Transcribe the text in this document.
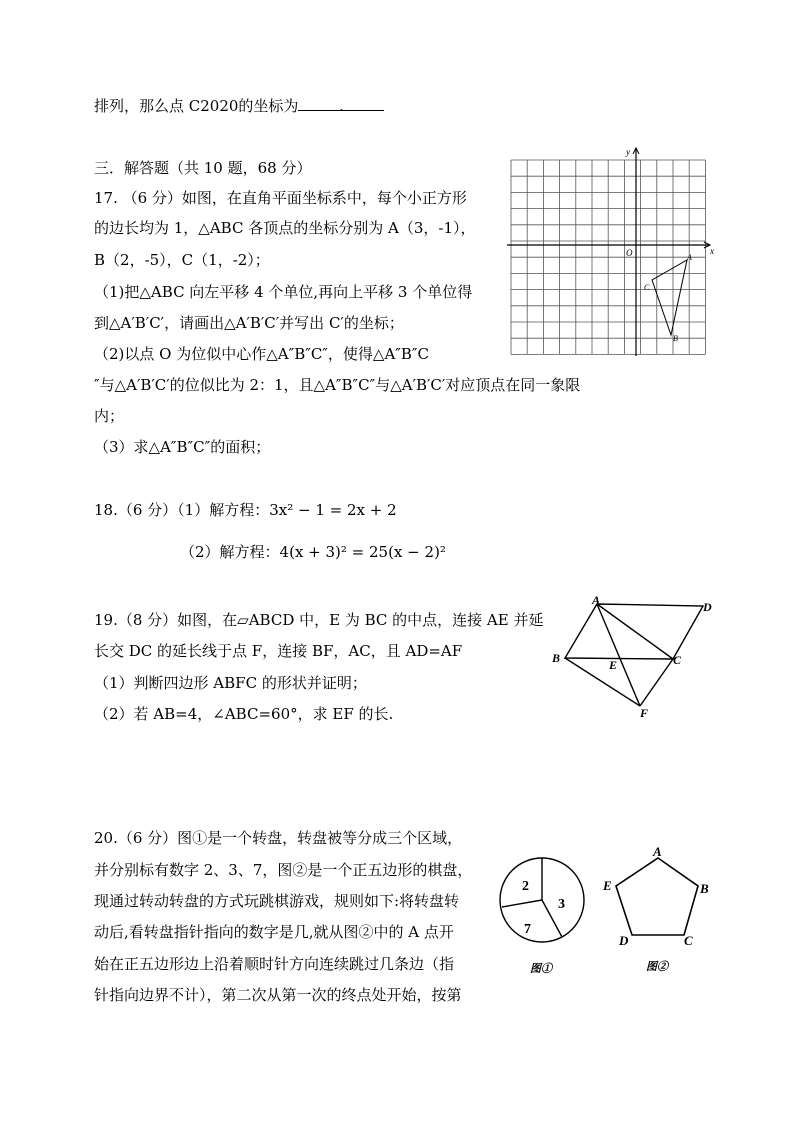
排列，那么点 C2020的坐标为	.
三．解答题（共 10 题，68 分）
17. （6 分）如图，在直角平面坐标系中，每个小正方形
的边长均为 1，△ABC 各顶点的坐标分别为 A（3，-1），
B（2，-5），C（1，-2）；
（1)把△ABC 向左平移 4 个单位,再向上平移 3 个单位得
到△A′B′C′，请画出△A′B′C′并写出 C′的坐标；
（2)以点 O 为位似中心作△A″B″C″，使得△A″B″C
″与△A′B′C′的位似比为 2：1，且△A″B″C″与△A′B′C′对应顶点在同一象限
内；
（3）求△A″B″C″的面积；
y
x
O	A
B
C
18.（6 分）（1）解方程：3x² − 1 = 2x + 2
（2）解方程：4(x + 3)² = 25(x − 2)²
19.（8 分）如图，在▱ABCD 中，E 为 BC 的中点，连接 AE 并延
长交 DC 的延长线于点 F，连接 BF，AC，且 AD=AF
（1）判断四边形 ABFC 的形状并证明；
（2）若 AB=4，∠ABC=60°，求 EF 的长.
A	D
B	E	C
F
20.（6 分）图①是一个转盘，转盘被等分成三个区域，
并分别标有数字 2、3、7，图②是一个正五边形的棋盘，
现通过转动转盘的方式玩跳棋游戏，规则如下:将转盘转
动后,看转盘指针指向的数字是几,就从图②中的 A 点开
始在正五边形边上沿着顺时针方向连续跳过几条边（指
针指向边界不计），第二次从第一次的终点处开始，按第
2
3
7
图①
A
B
C
D
E
图②
